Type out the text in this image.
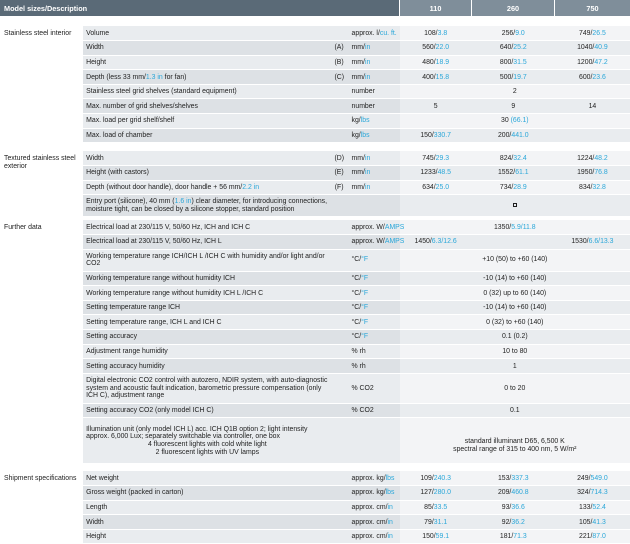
Model sizes/Description	110	260	750
Stainless steel interior	Volume		approx. l/cu. ft.	108/3.8	256/9.0	749/26.5
	Width	(A)	mm/in	560/22.0	640/25.2	1040/40.9
	Height	(B)	mm/in	480/18.9	800/31.5	1200/47.2
	Depth (less 33 mm/1.3 in for fan)	(C)	mm/in	400/15.8	500/19.7	600/23.6
	Stainless steel grid shelves (standard equipment)		number	2		
	Max. number of grid shelves/shelves		number	5	9	14
	Max. load per grid shelf/shelf		kg/lbs	30 (66.1)		
	Max. load of chamber		kg/lbs	150/330.7	200/441.0	
Textured stainless steel exterior	Width	(D)	mm/in	745/29.3	824/32.4	1224/48.2
	Height (with castors)	(E)	mm/in	1233/48.5	1552/61.1	1950/76.8
	Depth (without door handle), door handle + 56 mm/2.2 in	(F)	mm/in	634/25.0	734/28.9	834/32.8
	Entry port (silicone), 40 mm (1.6 in) clear diameter, for introducing connections, moisture tight, can be closed by a silicone stopper, standard position					
Further data	Electrical load at 230/115 V, 50/60 Hz, ICH and ICH C		approx. W/AMPS	1350/5.9/11.8		
	Electrical load at 230/115 V, 50/60 Hz, ICH L		approx. W/AMPS	1450/6.3/12.6		1530/6.6/13.3
	Working temperature range ICH/ICH L /ICH C with humidity and/or light and/or CO2		°C/°F	+10 (50) to +60 (140)		
	Working temperature range without humidity ICH		°C/°F	-10 (14) to +60 (140)		
	Working temperature range without humidity ICH L /ICH C		°C/°F	0 (32) up to 60 (140)		
	Setting temperature range ICH		°C/°F	-10 (14) to +60 (140)		
	Setting temperature range, ICH L and ICH C		°C/°F	0 (32) to +60 (140)		
	Setting accuracy		°C/°F	0.1 (0.2)		
	Adjustment range humidity		% rh	10 to 80		
	Setting accuracy humidity		% rh	1		
	Digital electronic CO2 control with autozero, NDIR system, with auto-diagnostic system and acoustic fault indication, barometric pressure compensation (only ICH C), adjustment range		% CO2	0 to 20		
	Setting accuracy CO2 (only model ICH C)		% CO2	0.1		
	Illumination unit (only model ICH L) acc. ICH Q1B option 2; light intensity approx. 6,000 Lux; separately switchable via controller, one box
4 fluorescent lights with cold white light
2 fluorescent lights with UV lamps			standard illuminant D65, 6,500 K
spectral range of 315 to 400 nm, 5 W/m²		
Shipment specifications	Net weight		approx. kg/lbs	109/240.3	153/337.3	249/549.0
	Gross weight (packed in carton)		approx. kg/lbs	127/280.0	209/460.8	324/714.3
	Length		approx. cm/in	85/33.5	93/36.6	133/52.4
	Width		approx. cm/in	79/31.1	92/36.2	105/41.3
	Height		approx. cm/in	150/59.1	181/71.3	221/87.0
